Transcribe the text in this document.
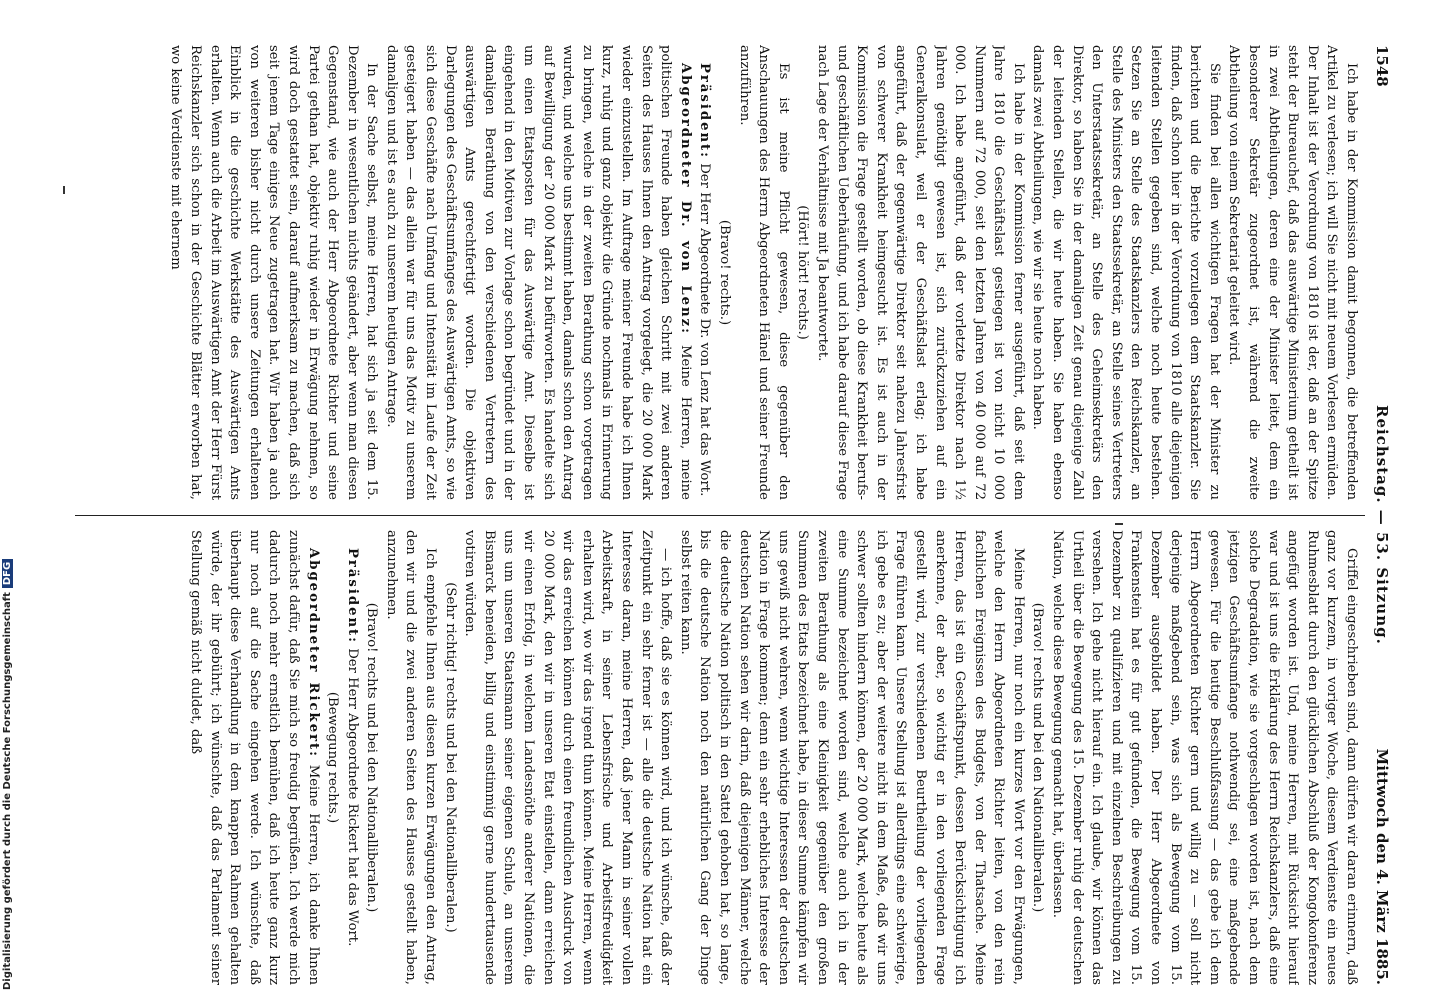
Digitalisierung gefördert durch die Deutsche ForschungsgemeinschaftDFG
1548
Reichstag. — 53. Sitzung.
Mittwoch den 4. März 1885.

Ich habe in der Kommission damit begonnen, die betreffenden Artikel zu verlesen; ich will Sie nicht mit neuem Vorlesen ermüden. Der Inhalt ist der Verordnung von 1810 ist der, daß an der Spitze steht der Bureauchef, daß das auswärtige Ministerium getheilt ist in zwei Abtheilungen, deren eine der Minister leitet, dem ein besonderer Sekretär zugeordnet ist, während die zweite Abtheilung von einem Sekretariat geleitet wird.

Sie finden bei allen wichtigen Fragen hat der Minister zu berichten und die Berichte vorzulegen dem Staatskanzler. Sie finden, daß schon hier in der Verordnung von 1810 alle diejenigen leitenden Stellen gegeben sind, welche noch heute bestehen. Setzen Sie an Stelle des Staatskanzlers den Reichskanzler, an Stelle des Ministers den Staatssekretär, an Stelle seines Vertreters den Unterstaatssekretär, an Stelle des Geheimsekretärs den Direktor, so haben Sie in der damaligen Zeit genau diejenige Zahl der leitenden Stellen, die wir heute haben. Sie haben ebenso damals zwei Abtheilungen, wie wir sie heute noch haben.

Ich habe in der Kommission ferner ausgeführt, daß seit dem Jahre 1810 die Geschäftslast gestiegen ist von nicht 10 000 Nummern auf 72 000, seit den letzten Jahren von 40 000 auf 72 000. Ich habe angeführt, daß der vorletzte Direktor nach 1½ Jahren genöthigt gewesen ist, sich zurückzuziehen auf ein Generalkonsulat, weil er der Geschäftslast erlag; ich habe angeführt, daß der gegenwärtige Direktor seit nahezu Jahresfrist von schwerer Krankheit heimgesucht ist. Es ist auch in der Kommission die Frage gestellt worden, ob diese Krankheit berufs- und geschäftlichen Ueberhäufung, und ich habe darauf diese Frage nach Lage der Verhältnisse mit Ja beantwortet.

(Hört! hört! rechts.)

Es ist meine Pflicht gewesen, diese gegenüber den Anschauungen des Herrn Abgeordneten Hänel und seiner Freunde anzuführen.

(Bravo! rechts.)

Präsident: Der Herr Abgeordnete Dr. von Lenz hat das Wort.

Abgeordneter Dr. von Lenz: Meine Herren, meine politischen Freunde haben gleichen Schritt mit zwei anderen Seiten des Hauses Ihnen den Antrag vorgelegt, die 20 000 Mark wieder einzustellen. Im Auftrage meiner Freunde habe ich Ihnen kurz, ruhig und ganz objektiv die Gründe nochmals in Erinnerung zu bringen, welche in der zweiten Berathung schon vorgetragen wurden, und welche uns bestimmt haben, damals schon den Antrag auf Bewilligung der 20 000 Mark zu befürworten. Es handelte sich um einen Etatsposten für das Auswärtige Amt. Dieselbe ist eingehend in den Motiven zur Vorlage schon begründet und in der damaligen Berathung von den verschiedenen Vertretern des auswärtigen Amts gerechtfertigt worden. Die objektiven Darlegungen des Geschäftsumfanges des Auswärtigen Amts, so wie sich diese Geschäfte nach Umfang und Intensität im Laufe der Zeit gesteigert haben — das allein war für uns das Motiv zu unserem damaligen und ist es auch zu unserem heutigen Antrage.

In der Sache selbst, meine Herren, hat sich ja seit dem 15. Dezember in wesentlichen nichts geändert, aber wenn man diesen Gegenstand, wie auch der Herr Abgeordnete Richter und seine Partei gethan hat, objektiv ruhig wieder in Erwägung nehmen, so wird doch gestattet sein, darauf aufmerksam zu machen, daß sich seit jenem Tage einiges Neue zugetragen hat. Wir haben ja auch von weiteren bisher nicht durch unsere Zeitungen erhaltenen Einblick in die geschichte Werkstätte des Auswärtigen Amts erhalten. Wenn auch die Arbeit im Auswärtigen Amt der Herr Fürst Reichskanzler sich schon in der Geschichte Blätter erworben hat, wo keine Verdienste mit ehernem

Griffel eingeschrieben sind, dann dürfen wir daran erinnern, daß ganz vor kurzem, in voriger Woche, diesem Verdienste ein neues Ruhmesblatt durch den glücklichen Abschluß der Kongokonferenz angefügt worden ist. Und, meine Herren, mit Rücksicht hierauf war und ist uns die Erklärung des Herrn Reichskanzlers, daß eine solche Degradation, wie sie vorgeschlagen worden ist, nach dem jetzigen Geschäftsumfange nothwendig sei, eine maßgebende gewesen. Für die heutige Beschlußfassung — das gebe ich dem Herrn Abgeordneten Richter gern und willig zu — soll nicht derjenige maßgebend sein, was sich als Bewegung vom 15. Dezember ausgebildet haben. Der Herr Abgeordnete von Frankenstein hat es für gut gefunden, die Bewegung vom 15. Dezember zu qualifizieren und mit einzelnen Beschreibungen zu versehen. Ich gehe nicht hierauf ein. Ich glaube, wir können das Urtheil über die Bewegung des 15. Dezember ruhig der deutschen Nation, welche diese Bewegung gemacht hat, überlassen.

(Bravo! rechts und bei den Nationalliberalen.)

Meine Herren, nur noch ein kurzes Wort vor den Erwägungen, welche den Herrn Abgeordneten Richter leiten, von den rein fachlichen Ereignissen des Budgets, von der Thatsache. Meine Herren, das ist ein Geschäftspunkt, dessen Berücksichtigung ich anerkenne, der aber, so wichtig er in den vorliegenden Frage gestellt wird, zur verschiedenen Beurtheilung der vorliegenden Frage führen kann. Unsere Stellung ist allerdings eine schwierige, ich gebe es zu; aber der weitere nicht in dem Maße, daß wir uns schwer sollten hindern können, der 20 000 Mark, welche heute als eine Summe bezeichnet worden sind, welche auch ich in der zweiten Berathung als eine Kleinigkeit gegenüber den großen Summen des Etats bezeichnet habe, in dieser Summe kämpfen wir uns gewiß nicht wehren, wenn wichtige Interessen der deutschen Nation in Frage kommen; denn ein sehr erhebliches Interesse der deutschen Nation sehen wir darin, daß diejenigen Männer, welche die deutsche Nation politisch in den Sattel gehoben hat, so lange, bis die deutsche Nation noch den natürlichen Gang der Dinge selbst reiten kann.

— ich hoffe, daß sie es können wird, und ich wünsche, daß der Zeitpunkt ein sehr ferner ist — alle die deutsche Nation hat ein Interesse daran, meine Herren, daß jener Mann in seiner vollen Arbeitskraft, in seiner Lebensfrische und Arbeitsfreudigkeit erhalten wird, wo wir das irgend thun können. Meine Herren, wenn wir das erreichen können durch einen freundlichen Ausdruck von 20 000 Mark, den wir in unseren Etat einstellen, dann erreichen wir einen Erfolg, in welchem Landesnöthe anderer Nationen, die uns um unseren Staatsmann seiner eigenen Schule, an unserem Bismarck beneiden, billig und einstimmig gerne hunderttausende votiren würden.

(Sehr richtig! rechts und bei den Nationalliberalen.)

Ich empfehle Ihnen aus diesen kurzen Erwägungen den Antrag, den wir und die zwei anderen Seiten des Hauses gestellt haben, anzunehmen.

(Bravo! rechts und bei den Nationalliberalen.)

Präsident: Der Herr Abgeordnete Rickert hat das Wort.

(Bewegung rechts.)

Abgeordneter Rickert: Meine Herren, ich danke Ihnen zunächst dafür, daß Sie mich so freudig begrüßen. Ich werde mich dadurch noch mehr ernstlich bemühen, daß ich heute ganz kurz nur noch auf die Sache eingehen werde. Ich wünschte, daß überhaupt diese Verhandlung in dem knappen Rahmen gehalten würde, der ihr gebührt; ich wünschte, daß das Parlament seiner Stellung gemäß nicht duldet, daß
